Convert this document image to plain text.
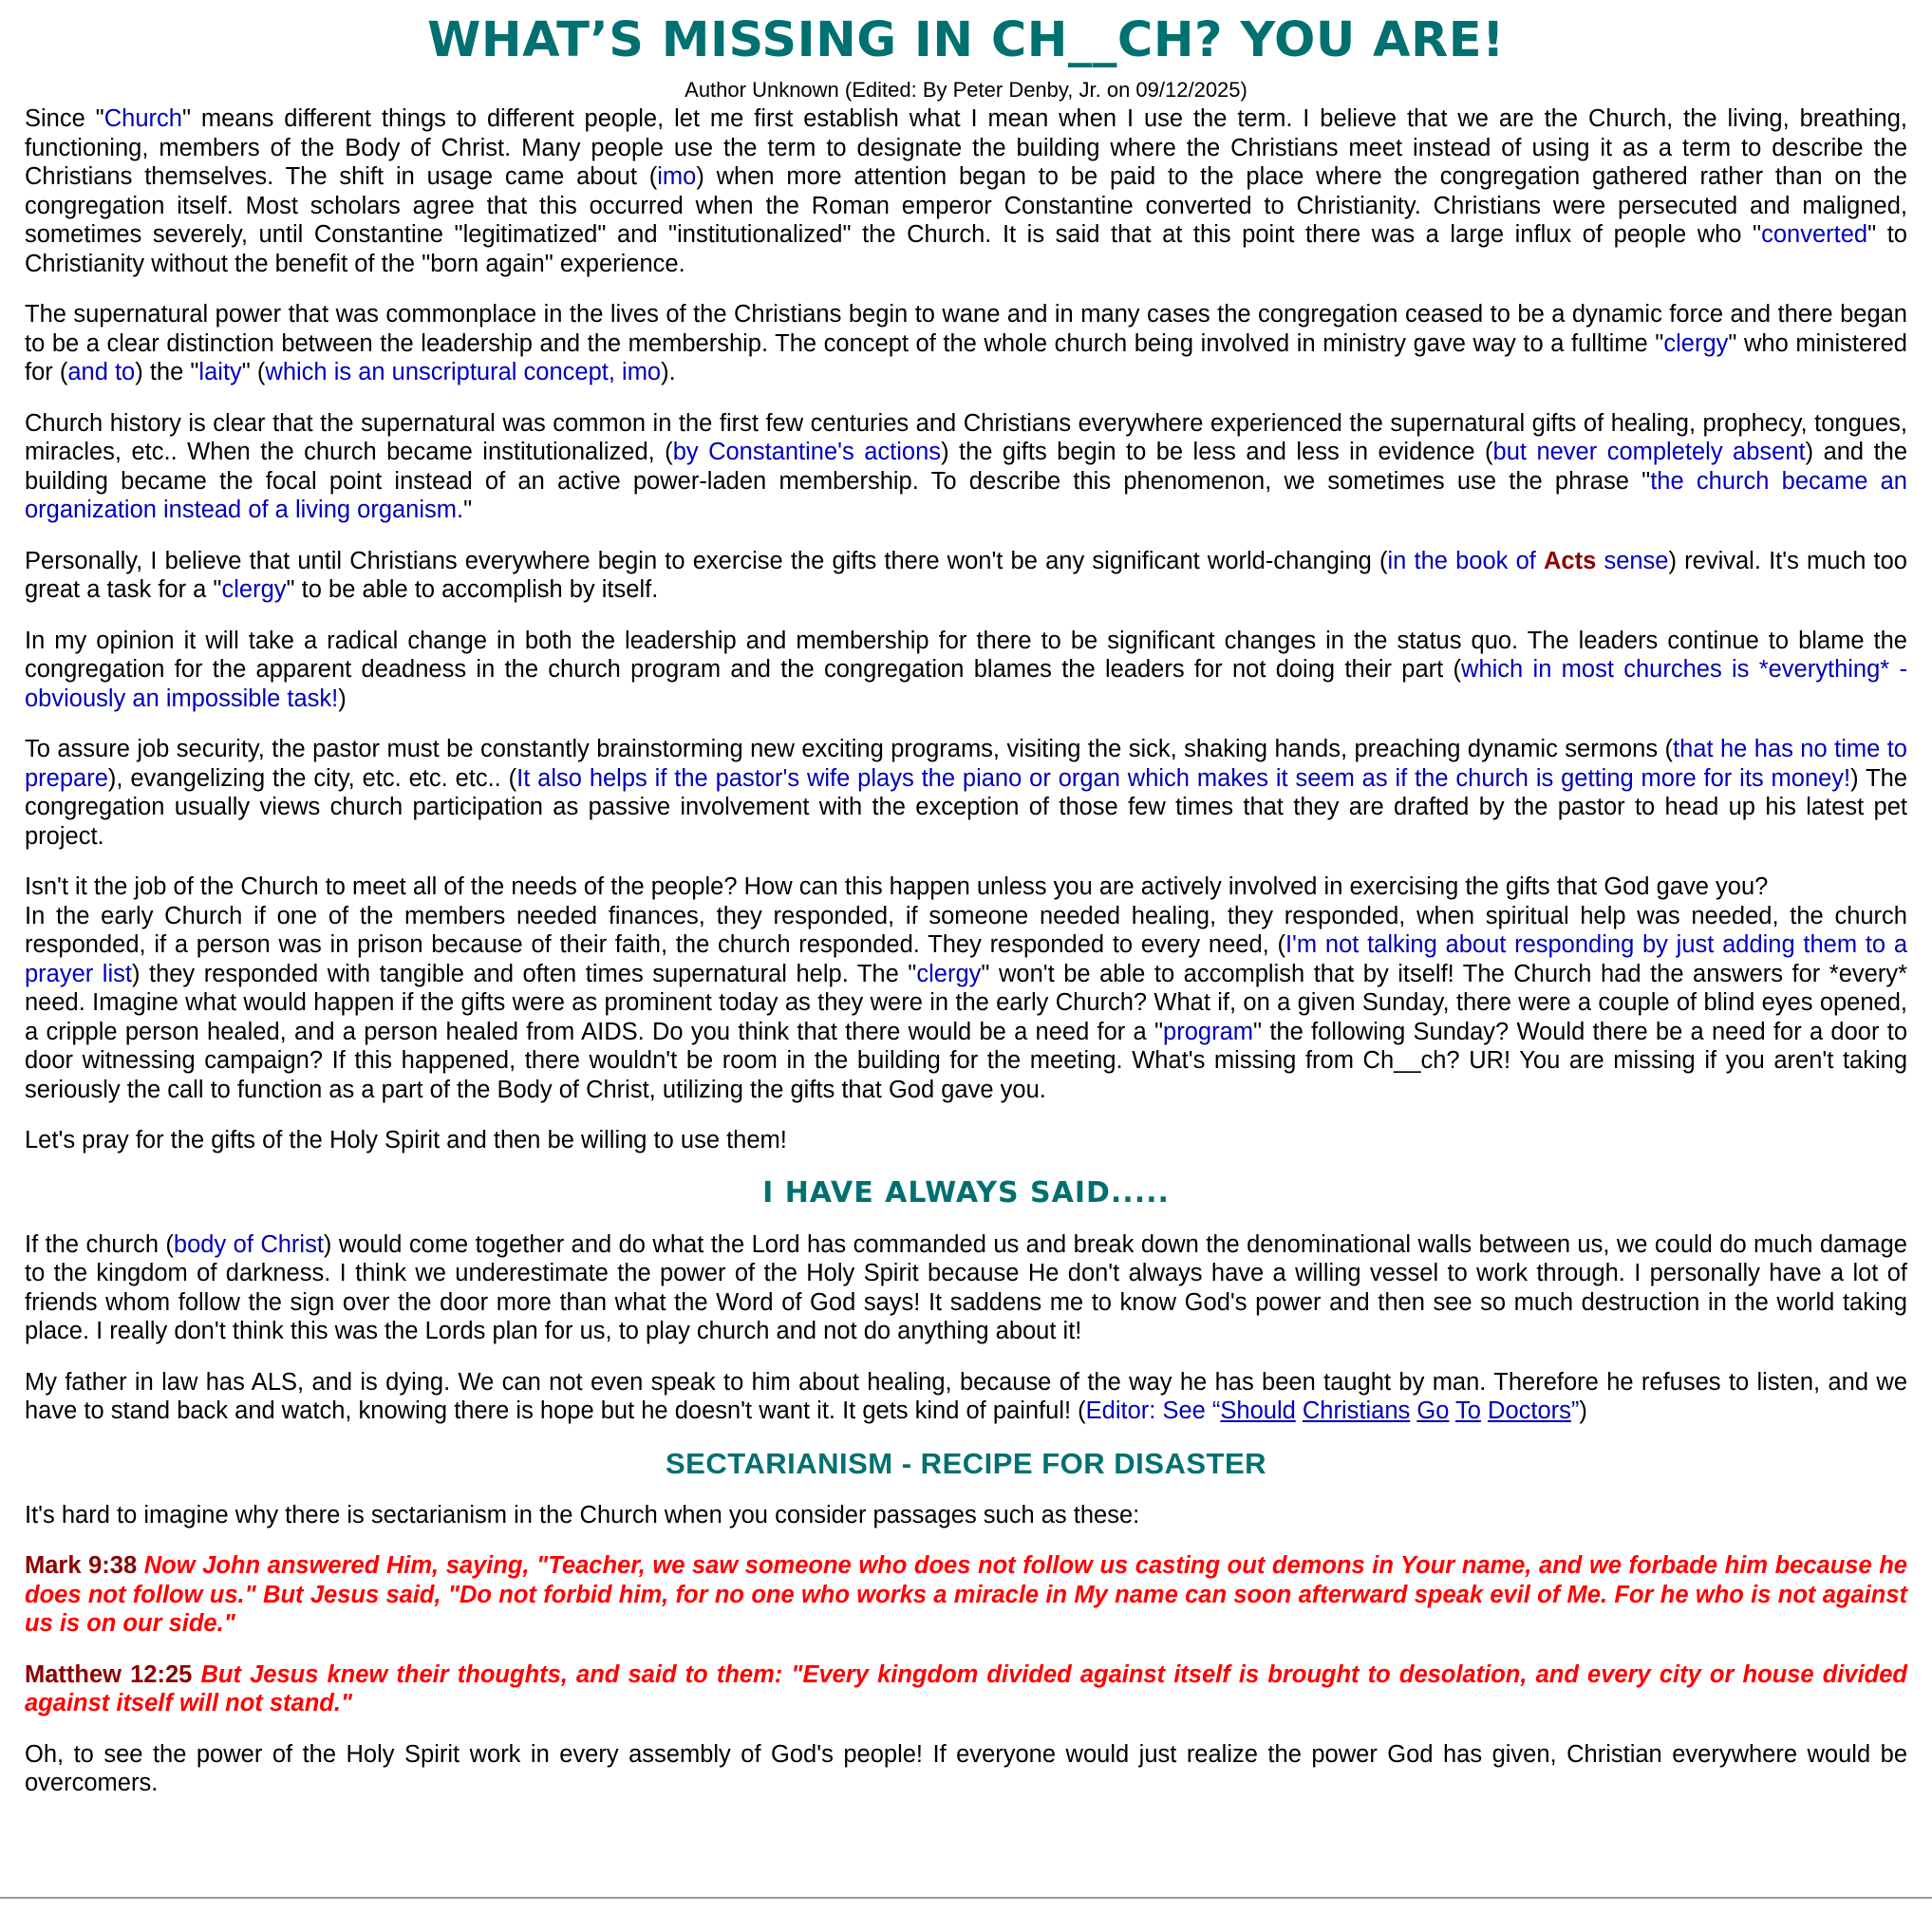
WHAT’S MISSING IN CH__CH? YOU ARE!
Author Unknown (Edited: By Peter Denby, Jr. on 09/12/2025)

Since "Church" means different things to different people, let me first establish what I mean when I use the term. I believe that we are the Church, the living, breathing, functioning, members of the Body of Christ. Many people use the term to designate the building where the Christians meet instead of using it as a term to describe the Christians themselves. The shift in usage came about (imo) when more attention began to be paid to the place where the congregation gathered rather than on the congregation itself. Most scholars agree that this occurred when the Roman emperor Constantine converted to Christianity. Christians were persecuted and maligned, sometimes severely, until Constantine "legitimatized" and "institutionalized" the Church. It is said that at this point there was a large influx of people who "converted" to Christianity without the benefit of the "born again" experience.

The supernatural power that was commonplace in the lives of the Christians begin to wane and in many cases the congregation ceased to be a dynamic force and there began to be a clear distinction between the leadership and the membership. The concept of the whole church being involved in ministry gave way to a fulltime "clergy" who ministered for (and to) the "laity" (which is an unscriptural concept, imo).

Church history is clear that the supernatural was common in the first few centuries and Christians everywhere experienced the supernatural gifts of healing, prophecy, tongues, miracles, etc.. When the church became institutionalized, (by Constantine's actions) the gifts begin to be less and less in evidence (but never completely absent) and the building became the focal point instead of an active power-laden membership. To describe this phenomenon, we sometimes use the phrase "the church became an organization instead of a living organism."

Personally, I believe that until Christians everywhere begin to exercise the gifts there won't be any significant world-changing (in the book of Acts sense) revival. It's much too great a task for a "clergy" to be able to accomplish by itself.

In my opinion it will take a radical change in both the leadership and membership for there to be significant changes in the status quo. The leaders continue to blame the congregation for the apparent deadness in the church program and the congregation blames the leaders for not doing their part (which in most churches is *everything* - obviously an impossible task!)

To assure job security, the pastor must be constantly brainstorming new exciting programs, visiting the sick, shaking hands, preaching dynamic sermons (that he has no time to prepare), evangelizing the city, etc. etc. etc.. (It also helps if the pastor's wife plays the piano or organ which makes it seem as if the church is getting more for its money!) The congregation usually views church participation as passive involvement with the exception of those few times that they are drafted by the pastor to head up his latest pet project.

Isn't it the job of the Church to meet all of the needs of the people? How can this happen unless you are actively involved in exercising the gifts that God gave you?

In the early Church if one of the members needed finances, they responded, if someone needed healing, they responded, when spiritual help was needed, the church responded, if a person was in prison because of their faith, the church responded. They responded to every need, (I'm not talking about responding by just adding them to a prayer list) they responded with tangible and often times supernatural help. The "clergy" won't be able to accomplish that by itself! The Church had the answers for *every* need. Imagine what would happen if the gifts were as prominent today as they were in the early Church? What if, on a given Sunday, there were a couple of blind eyes opened, a cripple person healed, and a person healed from AIDS. Do you think that there would be a need for a "program" the following Sunday? Would there be a need for a door to door witnessing campaign? If this happened, there wouldn't be room in the building for the meeting. What's missing from Ch__ch? UR! You are missing if you aren't taking seriously the call to function as a part of the Body of Christ, utilizing the gifts that God gave you.

Let's pray for the gifts of the Holy Spirit and then be willing to use them!

I HAVE ALWAYS SAID.....

If the church (body of Christ) would come together and do what the Lord has commanded us and break down the denominational walls between us, we could do much damage to the kingdom of darkness. I think we underestimate the power of the Holy Spirit because He don't always have a willing vessel to work through. I personally have a lot of friends whom follow the sign over the door more than what the Word of God says! It saddens me to know God's power and then see so much destruction in the world taking place. I really don't think this was the Lords plan for us, to play church and not do anything about it!

My father in law has ALS, and is dying. We can not even speak to him about healing, because of the way he has been taught by man. Therefore he refuses to listen, and we have to stand back and watch, knowing there is hope but he doesn't want it. It gets kind of painful! (Editor: See “Should Christians Go To Doctors”)

SECTARIANISM - RECIPE FOR DISASTER

It's hard to imagine why there is sectarianism in the Church when you consider passages such as these:

Mark 9:38 Now John answered Him, saying, "Teacher, we saw someone who does not follow us casting out demons in Your name, and we forbade him because he does not follow us." But Jesus said, "Do not forbid him, for no one who works a miracle in My name can soon afterward speak evil of Me. For he who is not against us is on our side."

Matthew 12:25 But Jesus knew their thoughts, and said to them: "Every kingdom divided against itself is brought to desolation, and every city or house divided against itself will not stand."

Oh, to see the power of the Holy Spirit work in every assembly of God's people! If everyone would just realize the power God has given, Christian everywhere would be overcomers.
